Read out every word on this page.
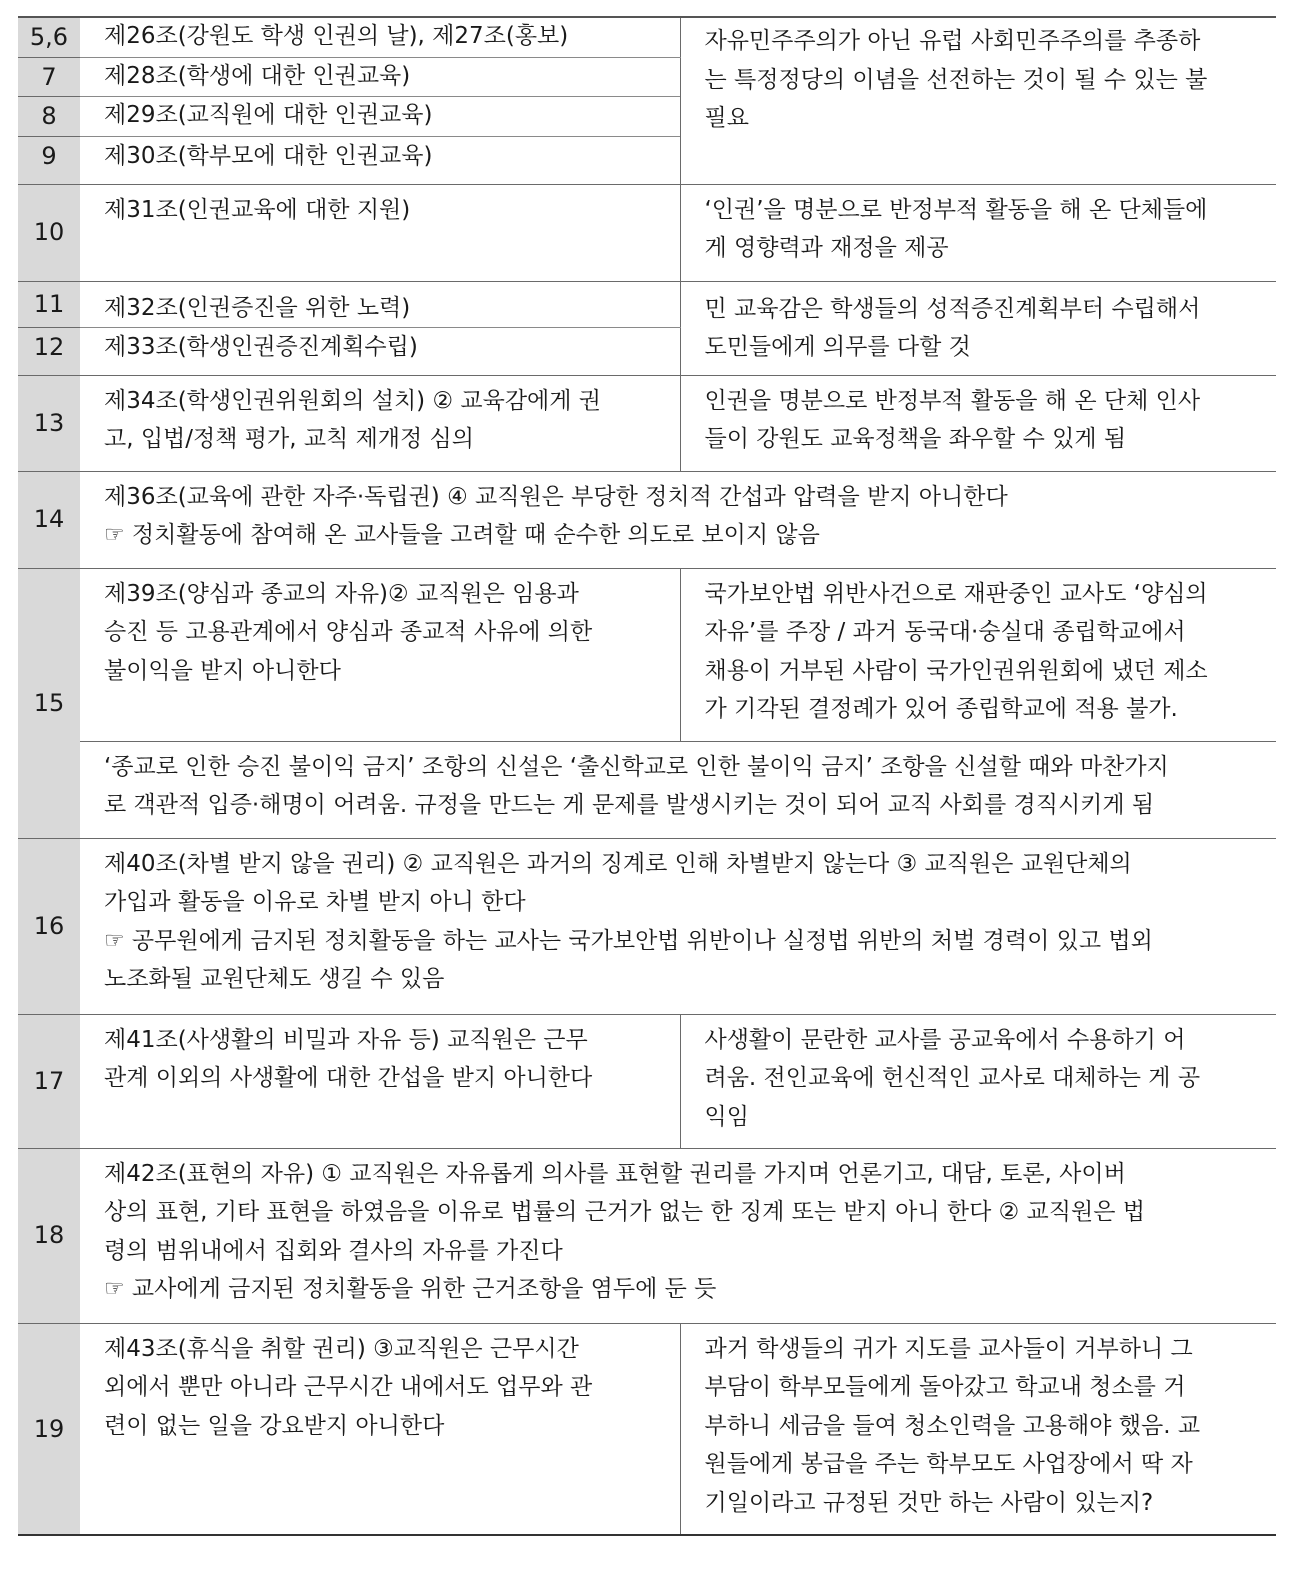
5,6	제26조(강원도 학생 인권의 날), 제27조(홍보)	자유민주주의가 아닌 유럽 사회민주주의를 추종하
는 특정정당의 이념을 선전하는 것이 될 수 있는 불
필요

7	제28조(학생에 대한 인권교육)	
8	제29조(교직원에 대한 인권교육)	
9	제30조(학부모에 대한 인권교육)	
10	제31조(인권교육에 대한 지원)	‘인권’을 명분으로 반정부적 활동을 해 온 단체들에
게 영향력과 재정을 제공

11	제32조(인권증진을 위한 노력)	민 교육감은 학생들의 성적증진계획부터 수립해서
도민들에게 의무를 다할 것

12	제33조(학생인권증진계획수립)	
13	제34조(학생인권위원회의 설치) ② 교육감에게 권
고, 입법/정책 평가, 교칙 제개정 심의	인권을 명분으로 반정부적 활동을 해 온 단체 인사
들이 강원도 교육정책을 좌우할 수 있게 됨

14	제36조(교육에 관한 자주·독립권) ④ 교직원은 부당한 정치적 간섭과 압력을 받지 아니한다
☞ 정치활동에 참여해 온 교사들을 고려할 때 순수한 의도로 보이지 않음	

15	제39조(양심과 종교의 자유)② 교직원은 임용과
승진 등 고용관계에서 양심과 종교적 사유에 의한
불이익을 받지 아니한다	국가보안법 위반사건으로 재판중인 교사도 ‘양심의
자유’를 주장 / 과거 동국대·숭실대 종립학교에서
채용이 거부된 사람이 국가인권위원회에 냈던 제소
가 기각된 결정례가 있어 종립학교에 적용 불가.

	‘종교로 인한 승진 불이익 금지’ 조항의 신설은 ‘출신학교로 인한 불이익 금지’ 조항을 신설할 때와 마찬가지
로 객관적 입증·해명이 어려움. 규정을 만드는 게 문제를 발생시키는 것이 되어 교직 사회를 경직시키게 됨	

16	제40조(차별 받지 않을 권리) ② 교직원은 과거의 징계로 인해 차별받지 않는다 ③ 교직원은 교원단체의
가입과 활동을 이유로 차별 받지 아니 한다
☞ 공무원에게 금지된 정치활동을 하는 교사는 국가보안법 위반이나 실정법 위반의 처벌 경력이 있고 법외
노조화될 교원단체도 생길 수 있음	

17	제41조(사생활의 비밀과 자유 등) 교직원은 근무
관계 이외의 사생활에 대한 간섭을 받지 아니한다	사생활이 문란한 교사를 공교육에서 수용하기 어
려움. 전인교육에 헌신적인 교사로 대체하는 게 공
익임

18	제42조(표현의 자유) ① 교직원은 자유롭게 의사를 표현할 권리를 가지며 언론기고, 대담, 토론, 사이버
상의 표현, 기타 표현을 하였음을 이유로 법률의 근거가 없는 한 징계 또는 받지 아니 한다 ② 교직원은 법
령의 범위내에서 집회와 결사의 자유를 가진다
☞ 교사에게 금지된 정치활동을 위한 근거조항을 염두에 둔 듯	

19	제43조(휴식을 취할 권리) ③교직원은 근무시간
외에서 뿐만 아니라 근무시간 내에서도 업무와 관
련이 없는 일을 강요받지 아니한다	과거 학생들의 귀가 지도를 교사들이 거부하니 그
부담이 학부모들에게 돌아갔고 학교내 청소를 거
부하니 세금을 들여 청소인력을 고용해야 했음. 교
원들에게 봉급을 주는 학부모도 사업장에서 딱 자
기일이라고 규정된 것만 하는 사람이 있는지?
